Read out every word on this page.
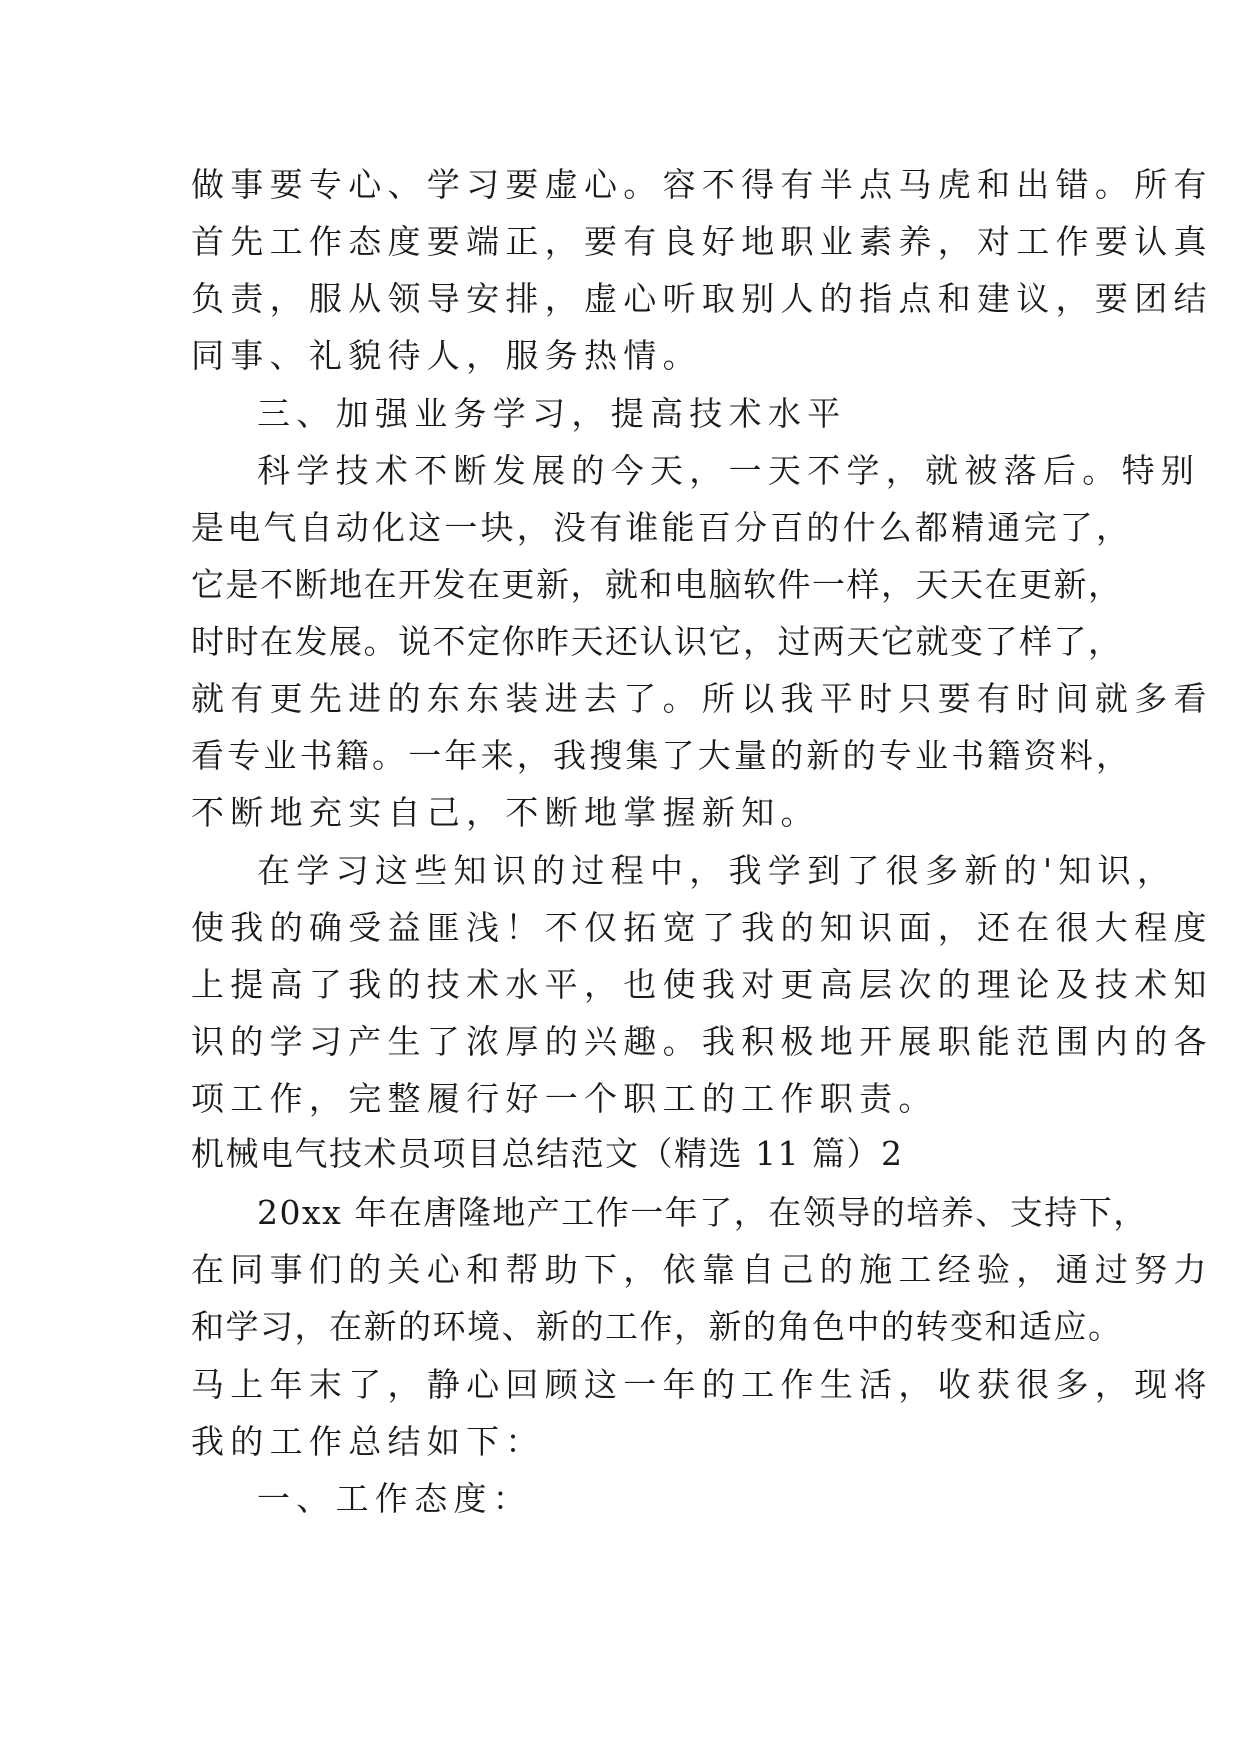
做事要专心、学习要虚心。容不得有半点马虎和出错。所有
首先工作态度要端正，要有良好地职业素养，对工作要认真
负责，服从领导安排，虚心听取别人的指点和建议，要团结
同事、礼貌待人，服务热情。
三、加强业务学习，提高技术水平
科学技术不断发展的今天，一天不学，就被落后。特别
是电气自动化这一块，没有谁能百分百的什么都精通完了，
它是不断地在开发在更新，就和电脑软件一样，天天在更新，
时时在发展。说不定你昨天还认识它，过两天它就变了样了，
就有更先进的东东装进去了。所以我平时只要有时间就多看
看专业书籍。一年来，我搜集了大量的新的专业书籍资料，
不断地充实自己，不断地掌握新知。
在学习这些知识的过程中，我学到了很多新的'知识，
使我的确受益匪浅！不仅拓宽了我的知识面，还在很大程度
上提高了我的技术水平，也使我对更高层次的理论及技术知
识的学习产生了浓厚的兴趣。我积极地开展职能范围内的各
项工作，完整履行好一个职工的工作职责。
机械电气技术员项目总结范文（精选 11 篇）2
20xx 年在唐隆地产工作一年了，在领导的培养、支持下，
在同事们的关心和帮助下，依靠自己的施工经验，通过努力
和学习，在新的环境、新的工作，新的角色中的转变和适应。
马上年末了，静心回顾这一年的工作生活，收获很多，现将
我的工作总结如下：
一、工作态度：
